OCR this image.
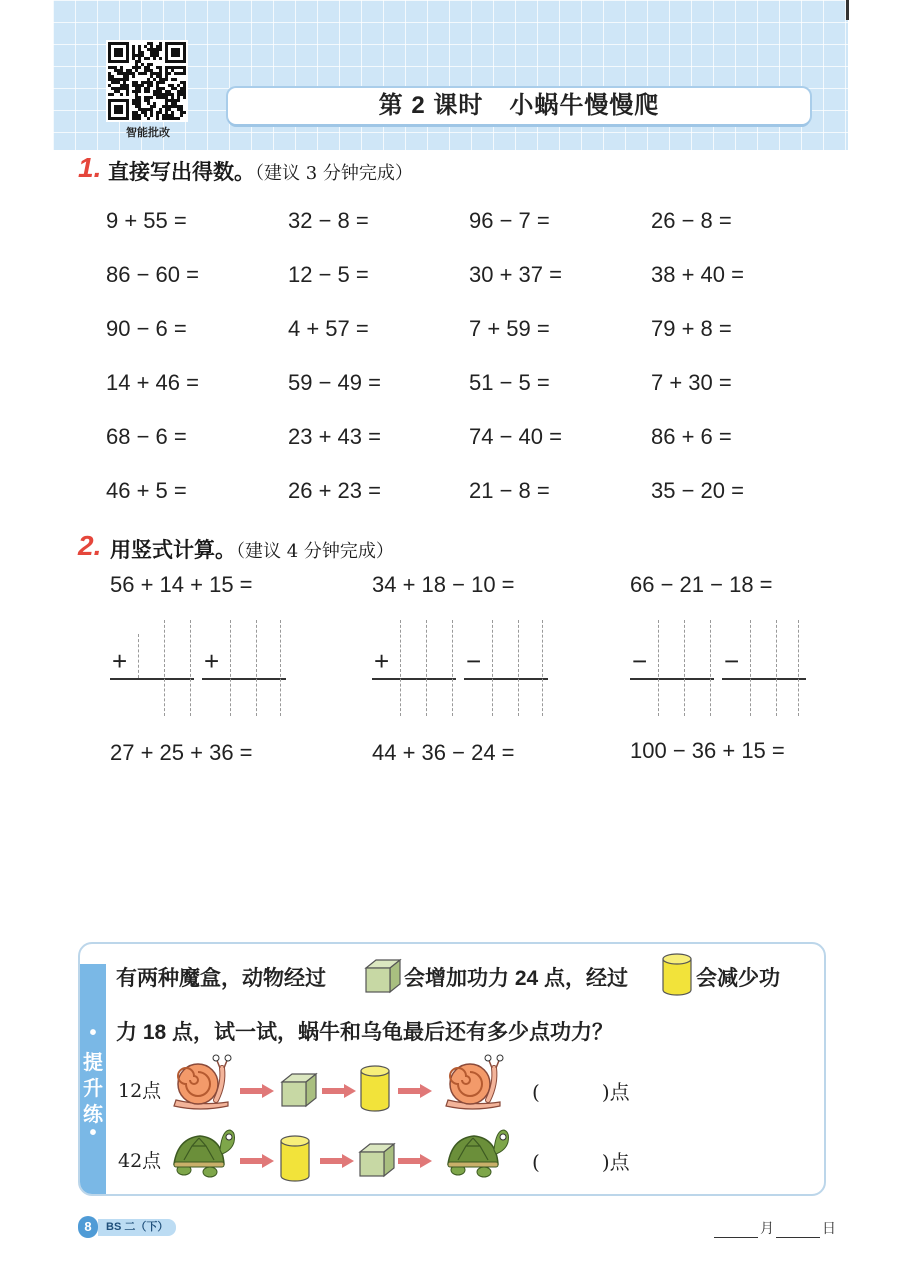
智能批改
第 2 课时 小蜗牛慢慢爬
1. 直接写出得数。（建议 3 分钟完成）
9 + 55 =	32 − 8 =	96 − 7 =	26 − 8 =
86 − 60 =	12 − 5 =	30 + 37 =	38 + 40 =
90 − 6 =	4 + 57 =	7 + 59 =	79 + 8 =
14 + 46 =	59 − 49 =	51 − 5 =	7 + 30 =
68 − 6 =	23 + 43 =	74 − 40 =	86 + 6 =
46 + 5 =	26 + 23 =	21 − 8 =	35 − 20 =
2. 用竖式计算。（建议 4 分钟完成）
56 + 14 + 15 =	34 + 18 − 10 =	66 − 21 − 18 =
+	+	+	−	−	−
27 + 25 + 36 =	44 + 36 − 24 =	100 − 36 + 15 =
•
提
升
练
•
有两种魔盒，动物经过	会增加功力 24 点，经过	会减少功
力 18 点，试一试，蜗牛和乌龟最后还有多少点功力？
12点	(	)点
42点	(	)点
8	BS 二（下）	月	日
